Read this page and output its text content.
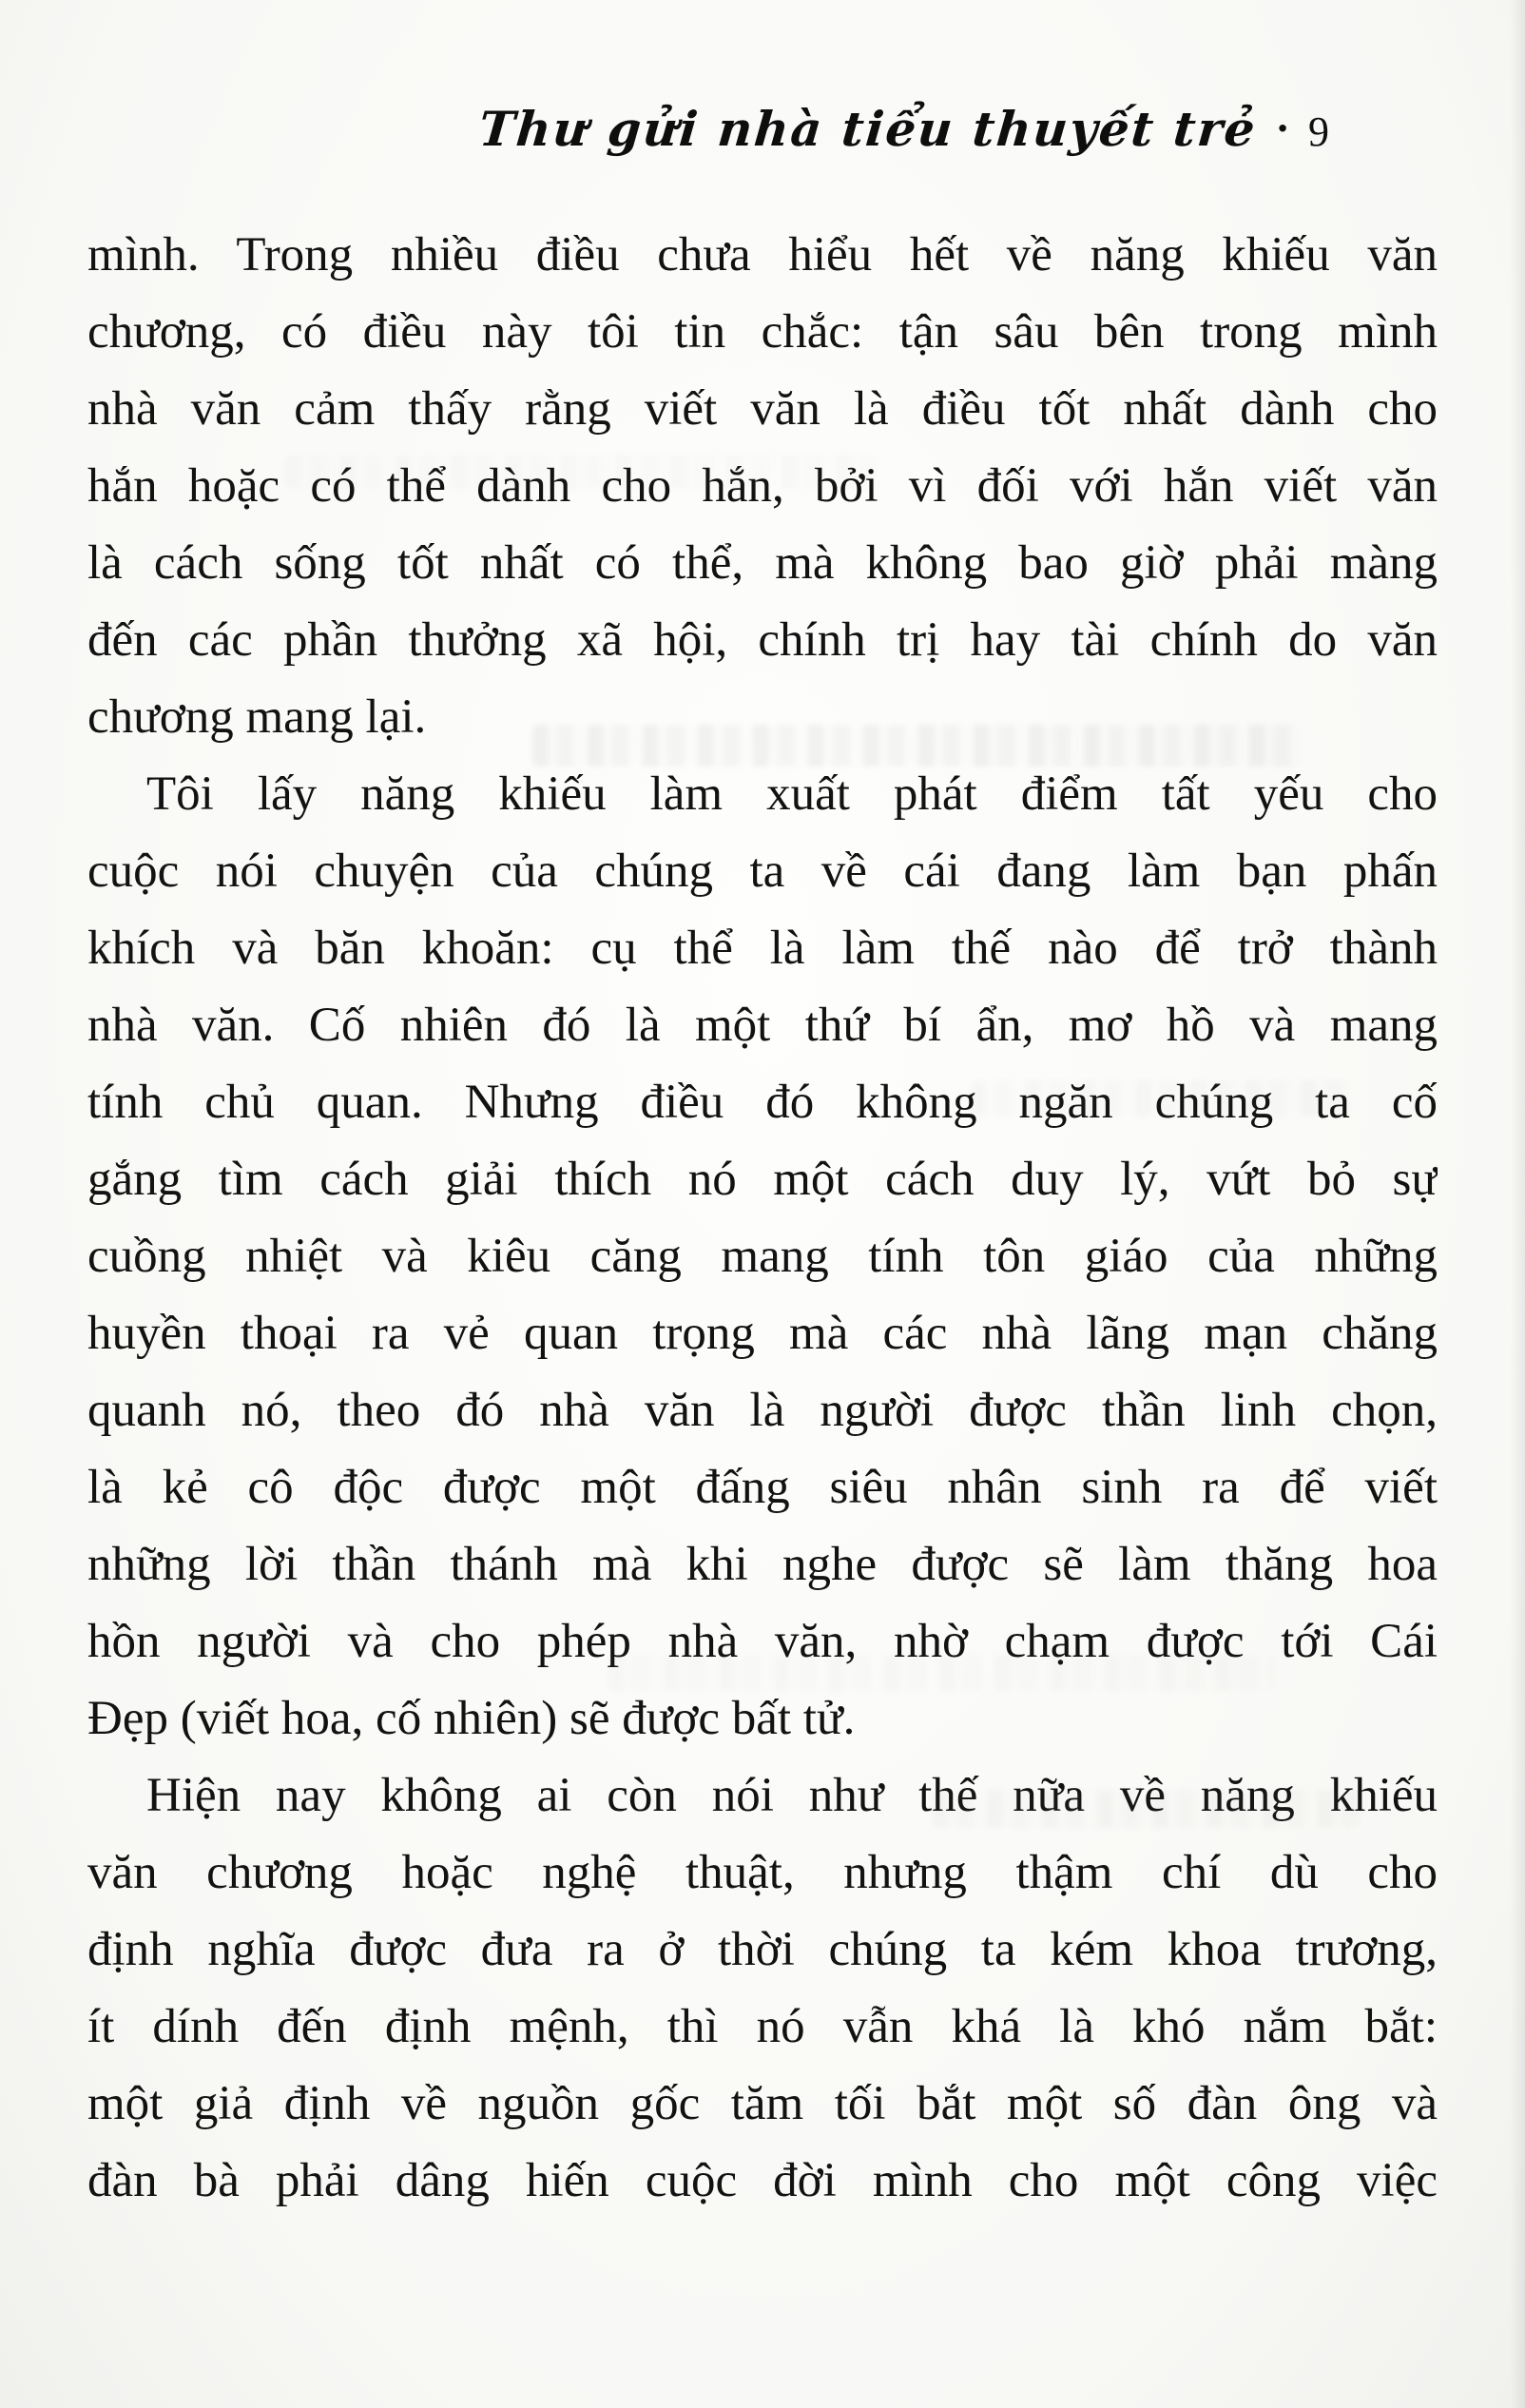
Thư gửi nhà tiểu thuyết trẻ · 9
mình. Trong nhiều điều chưa hiểu hết về năng khiếu văn
chương, có điều này tôi tin chắc: tận sâu bên trong mình
nhà văn cảm thấy rằng viết văn là điều tốt nhất dành cho
hắn hoặc có thể dành cho hắn, bởi vì đối với hắn viết văn
là cách sống tốt nhất có thể, mà không bao giờ phải màng
đến các phần thưởng xã hội, chính trị hay tài chính do văn
chương mang lại.
Tôi lấy năng khiếu làm xuất phát điểm tất yếu cho
cuộc nói chuyện của chúng ta về cái đang làm bạn phấn
khích và băn khoăn: cụ thể là làm thế nào để trở thành
nhà văn. Cố nhiên đó là một thứ bí ẩn, mơ hồ và mang
tính chủ quan. Nhưng điều đó không ngăn chúng ta cố
gắng tìm cách giải thích nó một cách duy lý, vứt bỏ sự
cuồng nhiệt và kiêu căng mang tính tôn giáo của những
huyền thoại ra vẻ quan trọng mà các nhà lãng mạn chăng
quanh nó, theo đó nhà văn là người được thần linh chọn,
là kẻ cô độc được một đấng siêu nhân sinh ra để viết
những lời thần thánh mà khi nghe được sẽ làm thăng hoa
hồn người và cho phép nhà văn, nhờ chạm được tới Cái
Đẹp (viết hoa, cố nhiên) sẽ được bất tử.
Hiện nay không ai còn nói như thế nữa về năng khiếu
văn chương hoặc nghệ thuật, nhưng thậm chí dù cho
định nghĩa được đưa ra ở thời chúng ta kém khoa trương,
ít dính đến định mệnh, thì nó vẫn khá là khó nắm bắt:
một giả định về nguồn gốc tăm tối bắt một số đàn ông và
đàn bà phải dâng hiến cuộc đời mình cho một công việc
